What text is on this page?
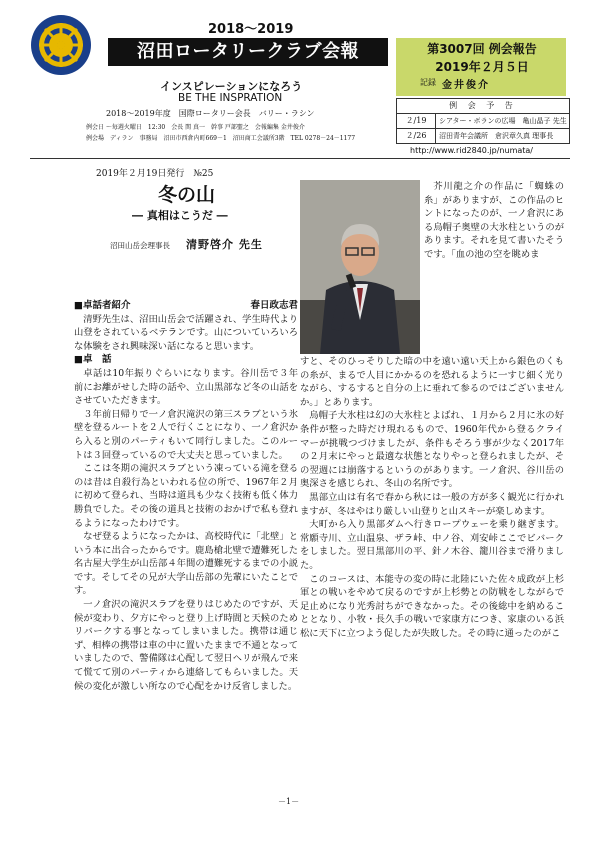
2018～2019
沼田ロータリークラブ会報
インスピレーションになろう
BE THE INSPRATION
2018～2019年度　国際ロータリー会長　バリー・ラシン
例会日 ～毎週火曜日　12:30　会長 関 真一　幹事 戸部聖之　会報編集 金井俊介
例会場　ディラン　事務局　沼田市西倉内町669－1　沼田商工会議所3階　TEL 0278－24－1177
第3007回 例会報告
2019年２月５日
記録 金井俊介
例 会 予 告
２/19	シアター・ボランの広場　亀山晶子 先生
２/26	沼田青年会議所　倉沢章久真 理事長
http://www.rid2840.jp/numata/
2019年２月19日発行　№25
冬の山
― 真相はこうだ ―
沼田山岳会理事長 清野啓介 先生
■卓話者紹介	春日政志君
清野先生は、沼田山岳会で活躍され、学生時代より山登をされているベテランです。山についていろいろな体験をされ興味深い話になると思います。
■卓　話
卓話は10年振りぐらいになります。谷川岳で３年前にお離がせした時の話や、立山黒部など冬の山話をさせていただきます。
３年前日帰りで一ノ倉沢滝沢の第三スラブという氷壁を登るルートを２人で行くことになり、一ノ倉沢から入ると別のパーティもいて同行しました。このルートは３回登っているので大丈夫と思っていました。
ここは冬期の滝沢スラブという凍っている滝を登るのは昔は自殺行為といわれる位の所で、1967年２月に初めて登られ、当時は道具も少なく技術も低く体力勝負でした。その後の道具と技術のおかげで私も登れるようになったわけです。
なぜ登るようになったかは、高校時代に「北壁」という本に出合ったからです。鹿島槍北壁で遭難死した名古屋大学生が山岳部４年間の遭難死するまでの小説です。そしてその兄が大学山岳部の先輩にいたことです。
一ノ倉沢の滝沢スラブを登りはじめたのですが、天候が変わり、夕方にやっと登り上げ時間と天候のためリバークする事となってしまいました。携帯は通じず、相棒の携帯は車の中に置いたままで不通となっていましたので、警備隊は心配して翌日ヘリが飛んで来て慌てて別のパーティから連絡してもらいました。天候の変化が激しい所なので心配をかけ反省しました。
芥川龍之介の作品に「蜘蛛の糸」がありますが、この作品のヒントになったのが、一ノ倉沢にある烏帽子奥壁の大氷柱というのがあります。それを見て書いたそうです。「血の池の空を眺めま
すと、そのひっそりした暗の中を遠い遠い天上から銀色のくもの糸が、まるで人目にかかるのを恐れるように一すじ細く光りながら、するすると自分の上に垂れて参るのではございませんか。」とあります。
烏帽子大氷柱は幻の大氷柱とよばれ、１月から２月に氷の好条件が整った時だけ現れるもので、1960年代から登るクライマーが挑戦つづけましたが、条件もそろう事が少なく2017年の２月末にやっと最適な状態となりやっと登られましたが、その翌週には崩落するというのがあります。一ノ倉沢、谷川岳の奥深さを感じられ、冬山の名所です。
黒部立山は有名で春から秋には一般の方が多く観光に行かれますが、冬はやはり厳しい山登りと山スキーが楽しめます。
大町から入り黒部ダムへ行きロープウェーを乗り継ぎます。常願寺川、立山温泉、ザラ峠、中ノ谷、刈安峠ここでビバークをしました。翌日黒部川の平、針ノ木谷、籠川谷まで滑りました。
このコースは、本能寺の変の時に北陸にいた佐々成政が上杉軍との戦いをやめて戻るのですが上杉勢との防戦をしながらで足止めになり光秀討ちができなかった。その後総中を納めることとなり、小牧・長久手の戦いで家康方につき、家康のいる浜松に天下に立つよう促したが失敗した。その時に通ったのがこ
－1－
